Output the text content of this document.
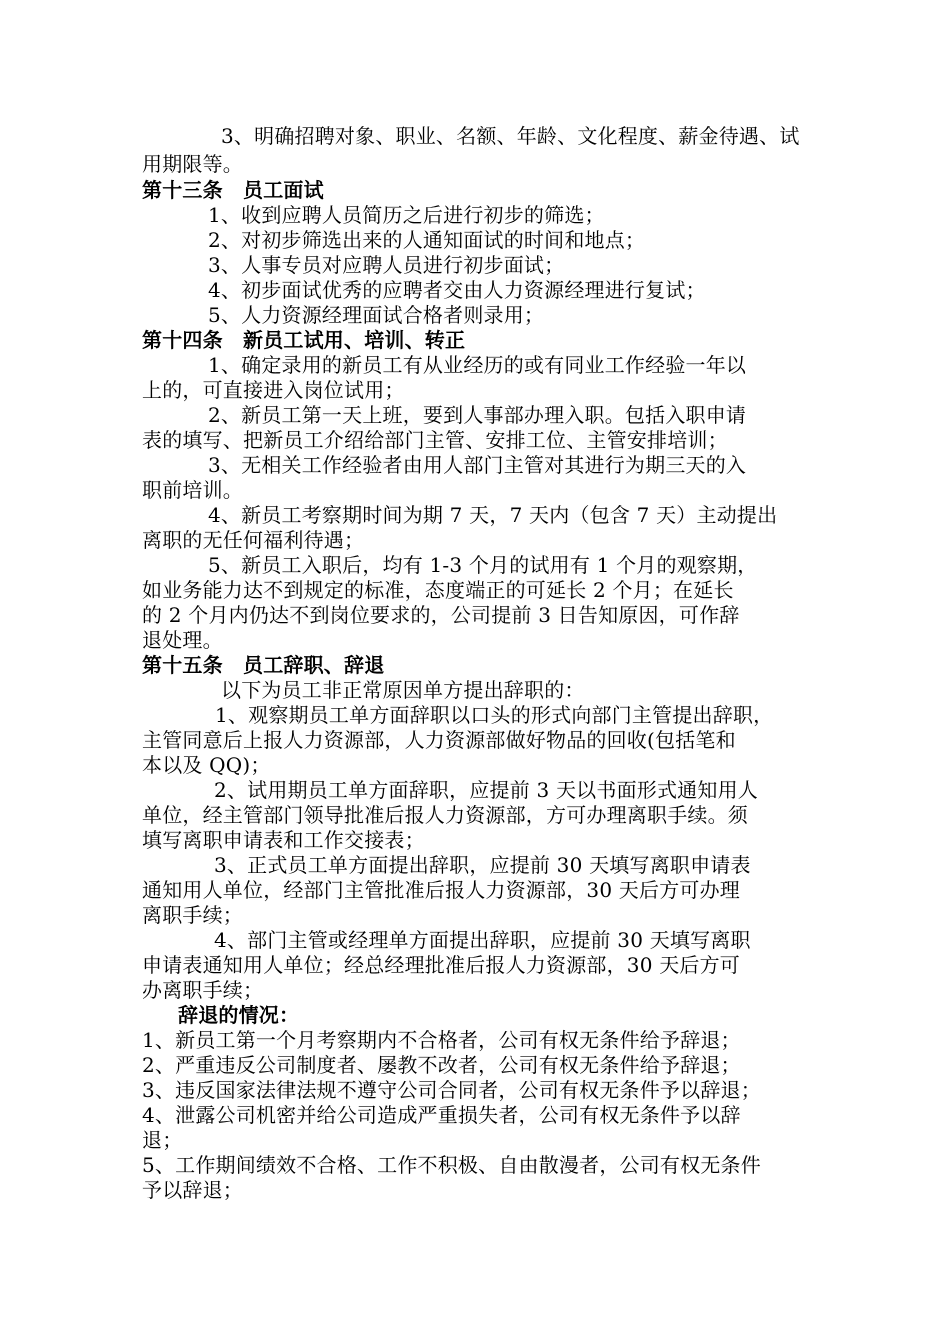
3、明确招聘对象、职业、名额、年龄、文化程度、薪金待遇、试
用期限等。
第十三条　员工面试
1、收到应聘人员简历之后进行初步的筛选；
2、对初步筛选出来的人通知面试的时间和地点；
3、人事专员对应聘人员进行初步面试；
4、初步面试优秀的应聘者交由人力资源经理进行复试；
5、人力资源经理面试合格者则录用；
第十四条　新员工试用、培训、转正
1、确定录用的新员工有从业经历的或有同业工作经验一年以
上的，可直接进入岗位试用；
2、新员工第一天上班，要到人事部办理入职。包括入职申请
表的填写、把新员工介绍给部门主管、安排工位、主管安排培训；
3、无相关工作经验者由用人部门主管对其进行为期三天的入
职前培训。
4、新员工考察期时间为期 7 天，7 天内（包含 7 天）主动提出
离职的无任何福利待遇；
5、新员工入职后，均有 1-3 个月的试用有 1 个月的观察期，
如业务能力达不到规定的标准，态度端正的可延长 2 个月；在延长
的 2 个月内仍达不到岗位要求的，公司提前 3 日告知原因，可作辞
退处理。
第十五条　员工辞职、辞退
以下为员工非正常原因单方提出辞职的：
1、观察期员工单方面辞职以口头的形式向部门主管提出辞职，
主管同意后上报人力资源部，人力资源部做好物品的回收(包括笔和
本以及 QQ)；
2、试用期员工单方面辞职，应提前 3 天以书面形式通知用人
单位，经主管部门领导批准后报人力资源部，方可办理离职手续。须
填写离职申请表和工作交接表；
3、正式员工单方面提出辞职，应提前 30 天填写离职申请表
通知用人单位，经部门主管批准后报人力资源部，30 天后方可办理
离职手续；
4、部门主管或经理单方面提出辞职，应提前 30 天填写离职
申请表通知用人单位；经总经理批准后报人力资源部，30 天后方可
办离职手续；
辞退的情况：
1、新员工第一个月考察期内不合格者，公司有权无条件给予辞退；
2、严重违反公司制度者、屡教不改者，公司有权无条件给予辞退；
3、违反国家法律法规不遵守公司合同者，公司有权无条件予以辞退；
4、泄露公司机密并给公司造成严重损失者，公司有权无条件予以辞
退；
5、工作期间绩效不合格、工作不积极、自由散漫者，公司有权无条件
予以辞退；
